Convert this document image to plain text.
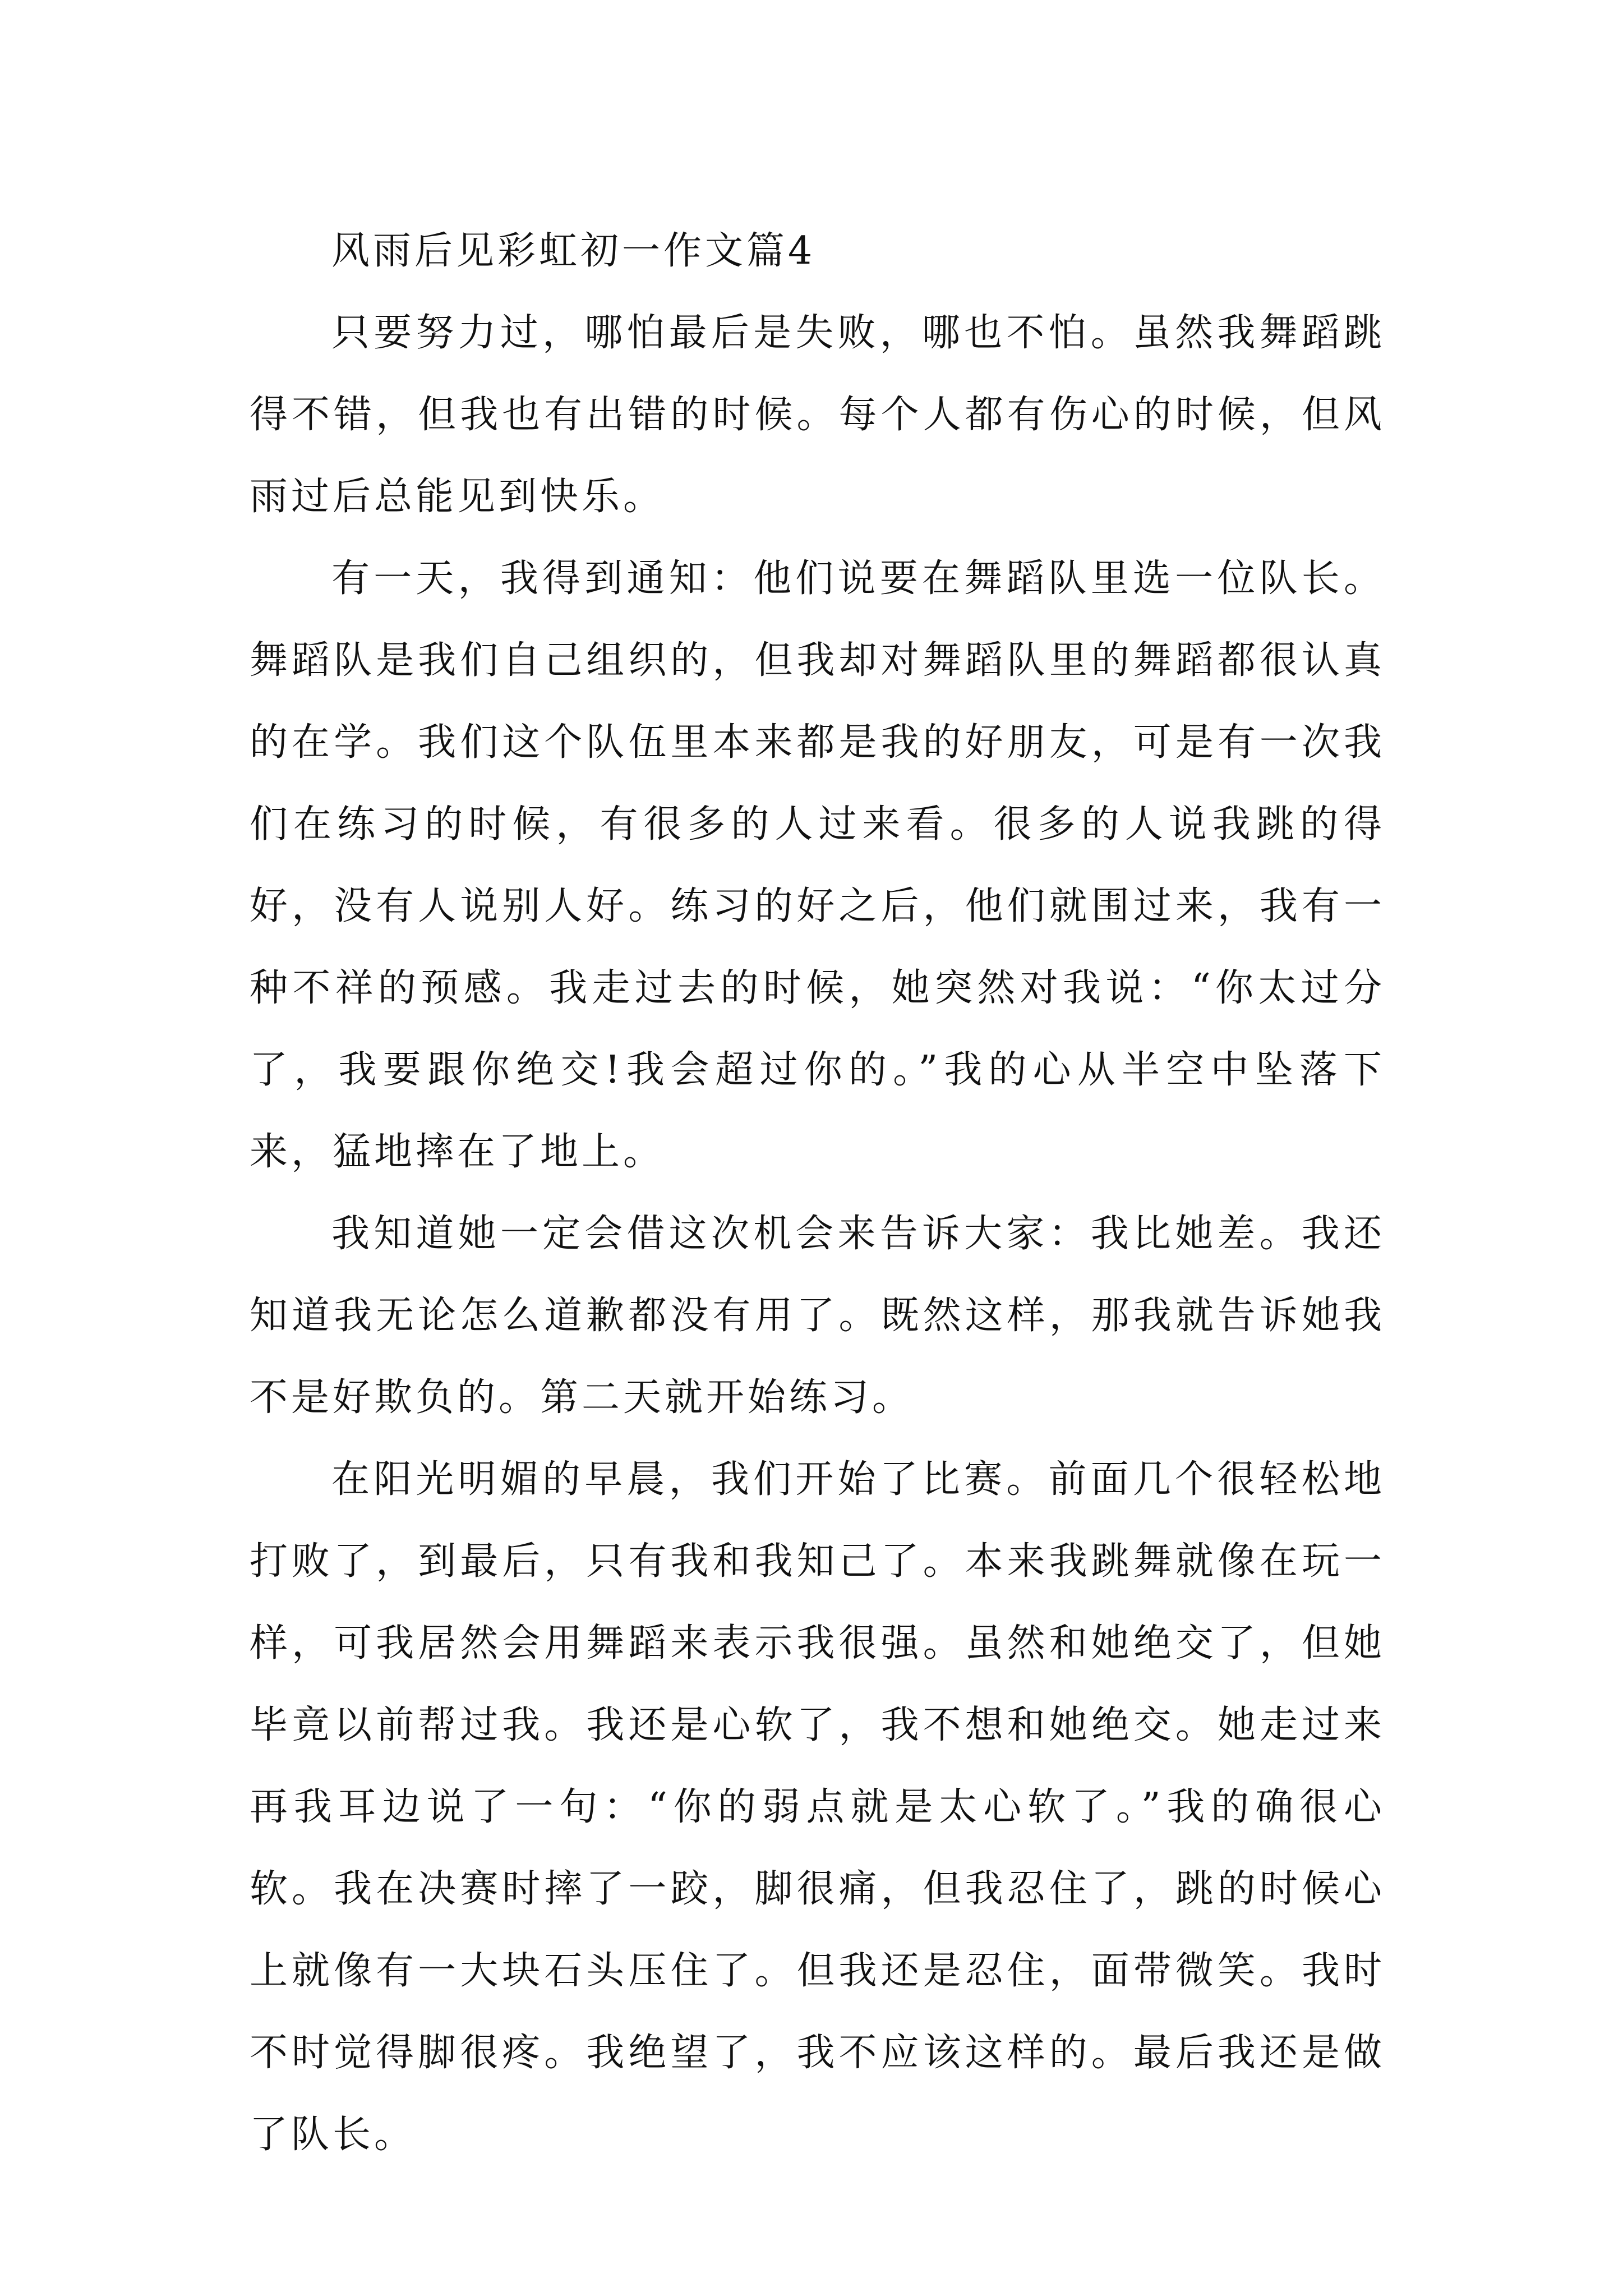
风雨后见彩虹初一作文篇4

只要努力过，哪怕最后是失败，哪也不怕。虽然我舞蹈跳得不错，但我也有出错的时候。每个人都有伤心的时候，但风雨过后总能见到快乐。

有一天，我得到通知：他们说要在舞蹈队里选一位队长。舞蹈队是我们自己组织的，但我却对舞蹈队里的舞蹈都很认真的在学。我们这个队伍里本来都是我的好朋友，可是有一次我们在练习的时候，有很多的人过来看。很多的人说我跳的得好，没有人说别人好。练习的好之后，他们就围过来，我有一种不祥的预感。我走过去的时候，她突然对我说：“你太过分了，我要跟你绝交!我会超过你的。”我的心从半空中坠落下来，猛地摔在了地上。

我知道她一定会借这次机会来告诉大家：我比她差。我还知道我无论怎么道歉都没有用了。既然这样，那我就告诉她我不是好欺负的。第二天就开始练习。

在阳光明媚的早晨，我们开始了比赛。前面几个很轻松地打败了，到最后，只有我和我知己了。本来我跳舞就像在玩一样，可我居然会用舞蹈来表示我很强。虽然和她绝交了，但她毕竟以前帮过我。我还是心软了，我不想和她绝交。她走过来再我耳边说了一句：“你的弱点就是太心软了。”我的确很心软。我在决赛时摔了一跤，脚很痛，但我忍住了，跳的时候心上就像有一大块石头压住了。但我还是忍住，面带微笑。我时不时觉得脚很疼。我绝望了，我不应该这样的。最后我还是做了队长。
